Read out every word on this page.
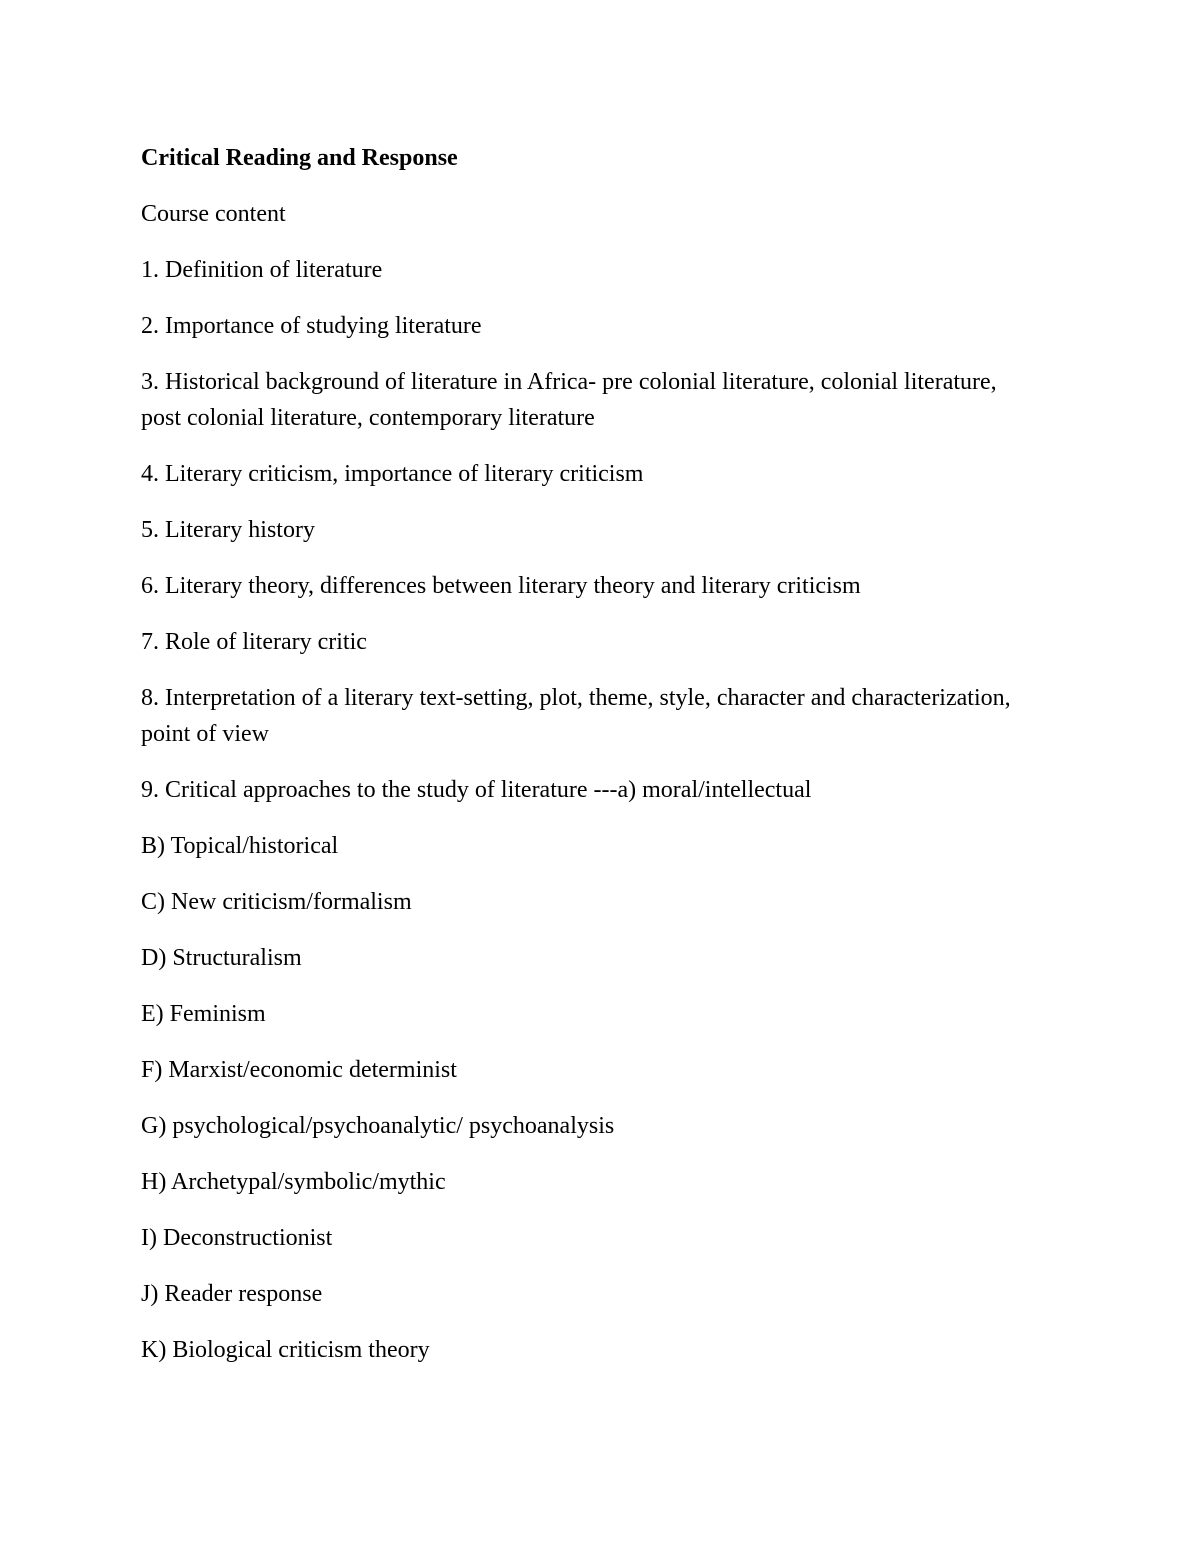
Critical Reading and Response

Course content

1. Definition of literature

2. Importance of studying literature

3. Historical background of literature in Africa- pre colonial literature, colonial literature, post colonial literature, contemporary literature

4. Literary criticism, importance of literary criticism

5. Literary history

6. Literary theory, differences between literary theory and literary criticism

7. Role of literary critic

8. Interpretation of a literary text-setting, plot, theme, style, character and characterization, point of view

9. Critical approaches to the study of literature ---a) moral/intellectual

B) Topical/historical

C) New criticism/formalism

D) Structuralism

E) Feminism

F) Marxist/economic determinist

G) psychological/psychoanalytic/ psychoanalysis

H) Archetypal/symbolic/mythic

I) Deconstructionist

J) Reader response

K) Biological criticism theory
